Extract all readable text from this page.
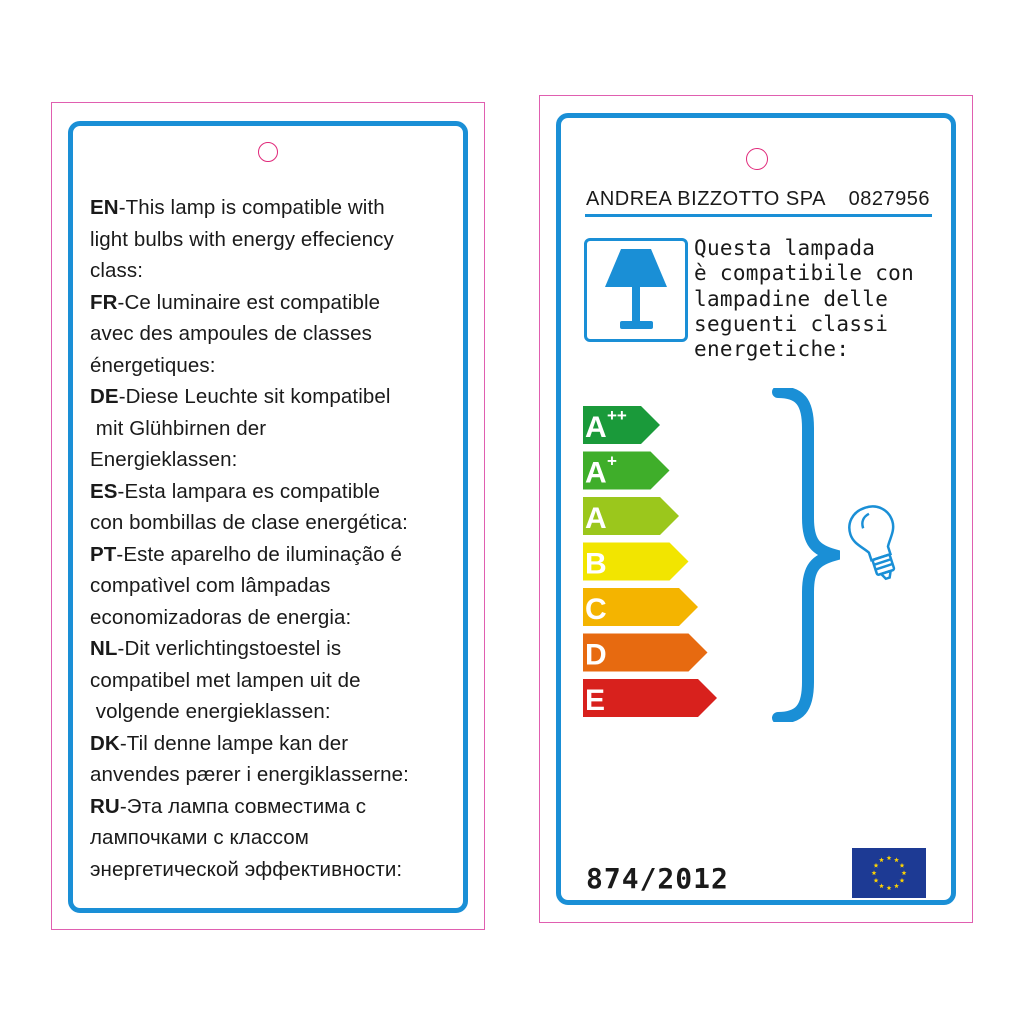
EN-This lamp is compatible with
light bulbs with energy effeciency
class:
FR-Ce luminaire est compatible
avec des ampoules de classes
énergetiques:
DE-Diese Leuchte sit kompatibel
mit Glühbirnen der
Energieklassen:
ES-Esta lampara es compatible
con bombillas de clase energética:
PT-Este aparelho de iluminação é
compatìvel com lâmpadas
economizadoras de energia:
NL-Dit verlichtingstoestel is
compatibel met lampen uit de
volgende energieklassen:
DK-Til denne lampe kan der
anvendes pærer i energiklasserne:
RU-Эта лампа совместима с
лампочками с классом
энергетической эффективности:
ANDREA BIZZOTTO SPA 0827956
Questa lampada
è compatibile con
lampadine delle
seguenti classi
energetiche:
A ++
A +
A
B
C
D
E
874/2012
